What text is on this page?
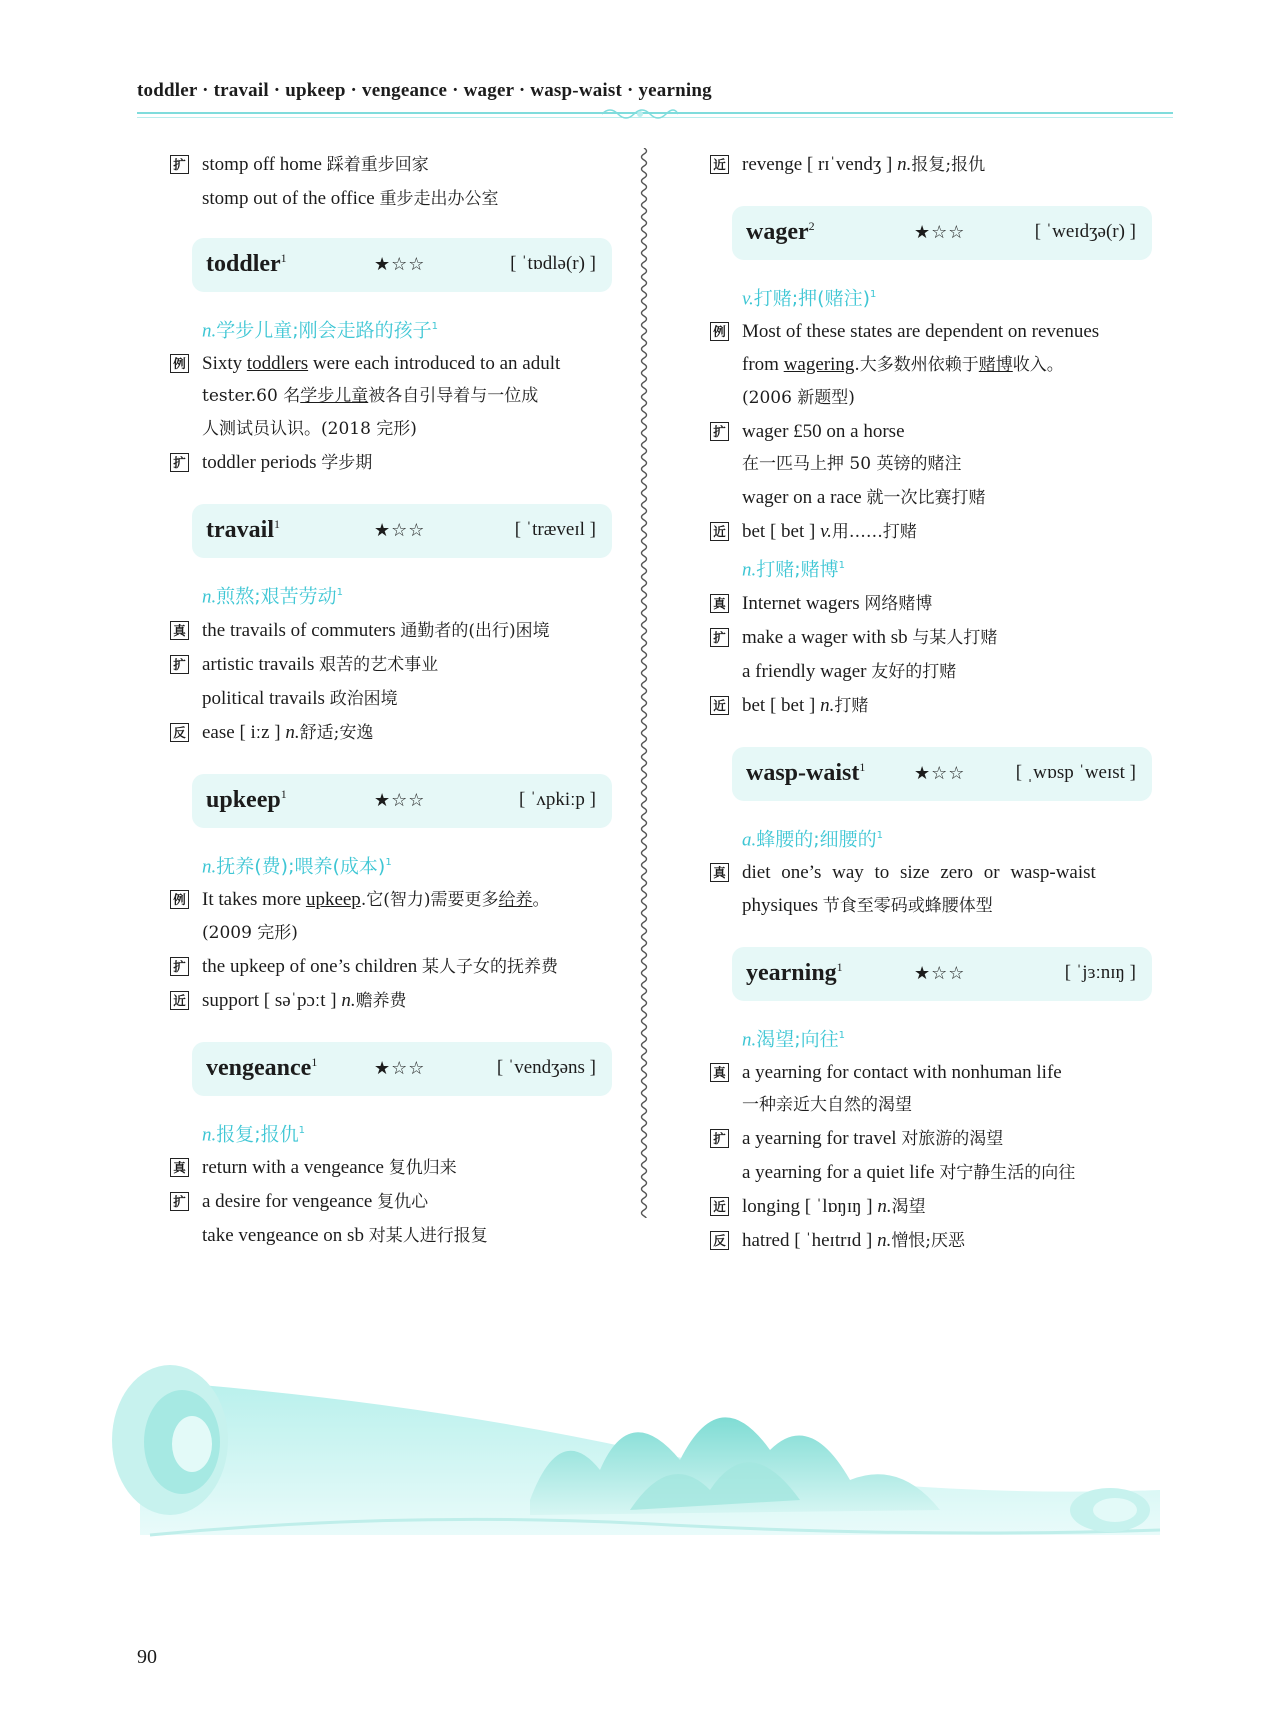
toddler · travail · upkeep · vengeance · wager · wasp-waist · yearning
扩 stomp off home 踩着重步回家
stomp out of the office 重步走出办公室
toddler$^1$	★☆☆	[ ˈtɒdlə(r) ]
n.学步儿童;刚会走路的孩子$^1$
例 Sixty toddlers were each introduced to an adult
tester.60 名学步儿童被各自引导着与一位成
人测试员认识。(2018 完形)
扩 toddler periods 学步期
travail$^1$	★☆☆	[ ˈtræveɪl ]
n.煎熬;艰苦劳动$^1$
真 the travails of commuters 通勤者的(出行)困境
扩 artistic travails 艰苦的艺术事业
political travails 政治困境
反 ease [ iːz ] n.舒适;安逸
upkeep$^1$	★☆☆	[ ˈʌpkiːp ]
n.抚养(费);喂养(成本)$^1$
例 It takes more upkeep.它(智力)需要更多给养。
(2009 完形)
扩 the upkeep of one’s children 某人子女的抚养费
近 support [ səˈpɔːt ] n.赡养费
vengeance$^1$	★☆☆	[ ˈvendʒəns ]
n.报复;报仇$^1$
真 return with a vengeance 复仇归来
扩 a desire for vengeance 复仇心
take vengeance on sb 对某人进行报复
近 revenge [ rɪˈvendʒ ] n.报复;报仇
wager$^2$	★☆☆	[ ˈweɪdʒə(r) ]
v.打赌;押(赌注)$^1$
例 Most of these states are dependent on revenues
from wagering.大多数州依赖于赌博收入。
(2006 新题型)
扩 wager £50 on a horse
在一匹马上押 50 英镑的赌注
wager on a race 就一次比赛打赌
近 bet [ bet ] v.用……打赌
n.打赌;赌博$^1$
真 Internet wagers 网络赌博
扩 make a wager with sb 与某人打赌
a friendly wager 友好的打赌
近 bet [ bet ] n.打赌
wasp-waist$^1$	★☆☆	[ ˌwɒsp ˈweɪst ]
a.蜂腰的;细腰的$^1$
真 diet one’s way to size zero or wasp-waist
physiques 节食至零码或蜂腰体型
yearning$^1$	★☆☆	[ ˈjɜːnɪŋ ]
n.渴望;向往$^1$
真 a yearning for contact with nonhuman life
一种亲近大自然的渴望
扩 a yearning for travel 对旅游的渴望
a yearning for a quiet life 对宁静生活的向往
近 longing [ ˈlɒŋɪŋ ] n.渴望
反 hatred [ ˈheɪtrɪd ] n.憎恨;厌恶
90
